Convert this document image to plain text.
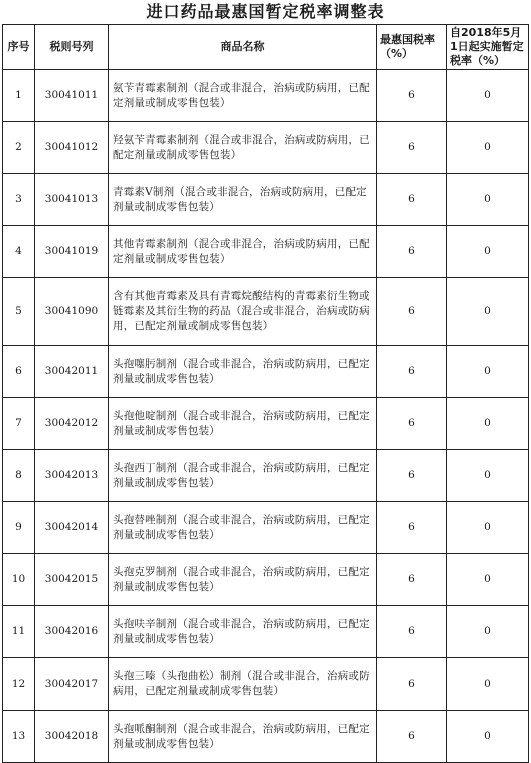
进口药品最惠国暂定税率调整表
序号	税则号列	商品名称	最惠国税率（%）	自2018年5月1日起实施暂定税率（%）
1	30041011	氨苄青霉素制剂（混合或非混合，治病或防病用，已配定剂量或制成零售包装）	6	0
2	30041012	羟氨苄青霉素制剂（混合或非混合，治病或防病用，已配定剂量或制成零售包装）	6	0
3	30041013	青霉素V制剂（混合或非混合，治病或防病用，已配定剂量或制成零售包装）	6	0
4	30041019	其他青霉素制剂（混合或非混合，治病或防病用，已配定剂量或制成零售包装）	6	0
5	30041090	含有其他青霉素及具有青霉烷酸结构的青霉素衍生物或链霉素及其衍生物的药品（混合或非混合，治病或防病用，已配定剂量或制成零售包装）	6	0
6	30042011	头孢噻肟制剂（混合或非混合，治病或防病用，已配定剂量或制成零售包装）	6	0
7	30042012	头孢他啶制剂（混合或非混合，治病或防病用，已配定剂量或制成零售包装）	6	0
8	30042013	头孢西丁制剂（混合或非混合，治病或防病用，已配定剂量或制成零售包装）	6	0
9	30042014	头孢替唑制剂（混合或非混合，治病或防病用，已配定剂量或制成零售包装）	6	0
10	30042015	头孢克罗制剂（混合或非混合，治病或防病用，已配定剂量或制成零售包装）	6	0
11	30042016	头孢呋辛制剂（混合或非混合，治病或防病用，已配定剂量或制成零售包装）	6	0
12	30042017	头孢三嗪（头孢曲松）制剂（混合或非混合，治病或防病用，已配定剂量或制成零售包装）	6	0
13	30042018	头孢哌酮制剂（混合或非混合，治病或防病用，已配定剂量或制成零售包装）	6	0
